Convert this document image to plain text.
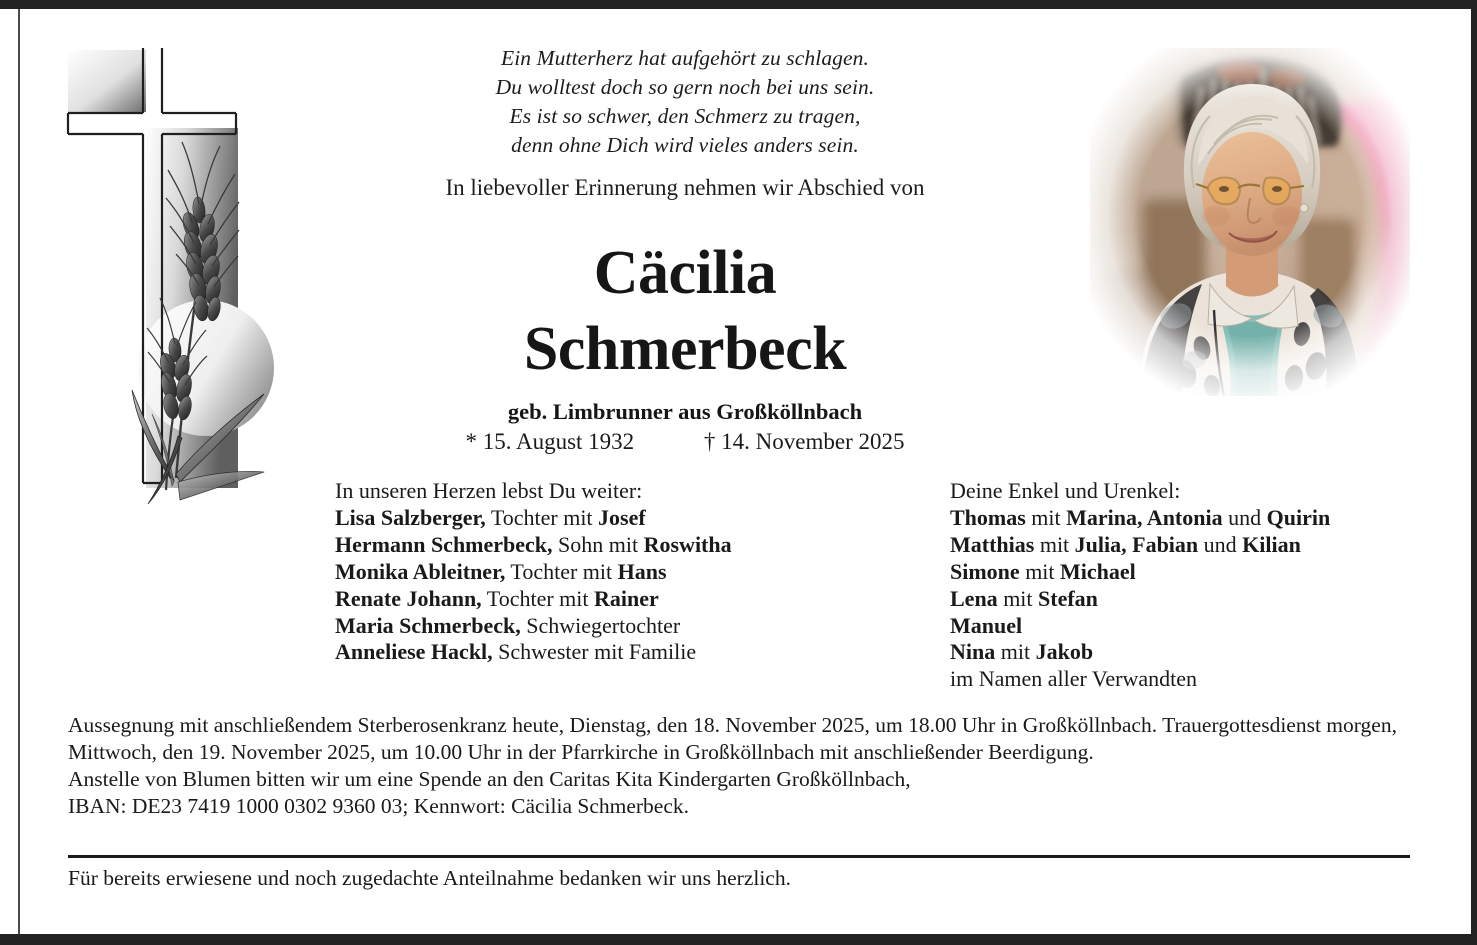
Ein Mutterherz hat aufgehört zu schlagen.
Du wolltest doch so gern noch bei uns sein.
Es ist so schwer, den Schmerz zu tragen,
denn ohne Dich wird vieles anders sein.
In liebevoller Erinnerung nehmen wir Abschied von
Cäcilia
Schmerbeck
geb. Limbrunner aus Großköllnbach
* 15. August 1932	† 14. November 2025
In unseren Herzen lebst Du weiter:
Lisa Salzberger, Tochter mit Josef
Hermann Schmerbeck, Sohn mit Roswitha
Monika Ableitner, Tochter mit Hans
Renate Johann, Tochter mit Rainer
Maria Schmerbeck, Schwiegertochter
Anneliese Hackl, Schwester mit Familie
Deine Enkel und Urenkel:
Thomas mit Marina, Antonia und Quirin
Matthias mit Julia, Fabian und Kilian
Simone mit Michael
Lena mit Stefan
Manuel
Nina mit Jakob
im Namen aller Verwandten

Aussegnung mit anschließendem Sterberosenkranz heute, Dienstag, den 18. November 2025, um 18.00 Uhr in Großköllnbach. Trauergottesdienst morgen, Mittwoch, den 19. November 2025, um 10.00 Uhr in der Pfarrkirche in Großköllnbach mit anschließender Beerdigung.

Anstelle von Blumen bitten wir um eine Spende an den Caritas Kita Kindergarten Großköllnbach,

IBAN: DE23 7419 1000 0302 9360 03; Kennwort: Cäcilia Schmerbeck.

Für bereits erwiesene und noch zugedachte Anteilnahme bedanken wir uns herzlich.
